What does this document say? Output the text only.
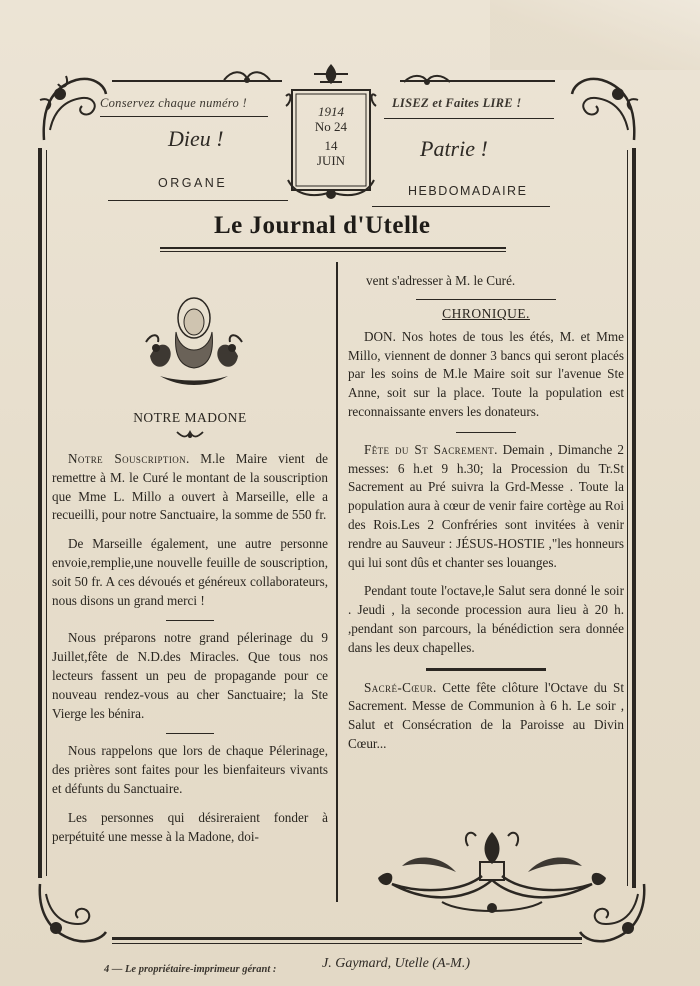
Conservez chaque numéro !	LISEZ et Faites LIRE !
1914
No 24
14
JUIN
Dieu !	Patrie !
ORGANE
HEBDOMADAIRE
Le Journal d'Utelle
NOTRE MADONE

Notre Souscription. M.le Maire vient de remettre à M. le Curé le montant de la souscription que Mme L. Millo a ouvert à Marseille, elle a recueilli, pour notre Sanctuaire, la somme de 550 fr.

De Marseille également, une autre personne envoie,remplie,une nouvelle feuille de souscription, soit 50 fr. A ces dévoués et généreux collaborateurs, nous disons un grand merci !

Nous préparons notre grand pélerinage du 9 Juillet,fête de N.D.des Miracles. Que tous nos lecteurs fassent un peu de propagande pour ce nouveau rendez-vous au cher Sanctuaire; la Ste Vierge les bénira.

Nous rappelons que lors de chaque Pélerinage, des prières sont faites pour les bienfaiteurs vivants et défunts du Sanctuaire.

Les personnes qui désireraient fonder à perpétuité une messe à la Madone, doi-

vent s'adresser à M. le Curé.
CHRONIQUE.

DON. Nos hotes de tous les étés, M. et Mme Millo, viennent de donner 3 bancs qui seront placés par les soins de M.le Maire soit sur l'avenue Ste Anne, soit sur la place. Toute la population est reconnaissante envers les donateurs.

Fête du St Sacrement. Demain , Dimanche 2 messes: 6 h.et 9 h.30; la Procession du Tr.St Sacrement au Pré suivra la Grd-Messe . Toute la population aura à cœur de venir faire cortège au Roi des Rois.Les 2 Confréries sont invitées à venir rendre au Sauveur : JÉSUS-HOSTIE ,"les honneurs qui lui sont dûs et chanter ses louanges.

Pendant toute l'octave,le Salut sera donné le soir . Jeudi , la seconde procession aura lieu à 20 h. ,pendant son parcours, la bénédiction sera donnée dans les deux chapelles.

Sacré-Cœur. Cette fête clôture l'Octave du St Sacrement. Messe de Communion à 6 h. Le soir , Salut et Consécration de la Paroisse au Divin Cœur...

4 — Le propriétaire-imprimeur gérant :	J. Gaymard, Utelle (A-M.)
